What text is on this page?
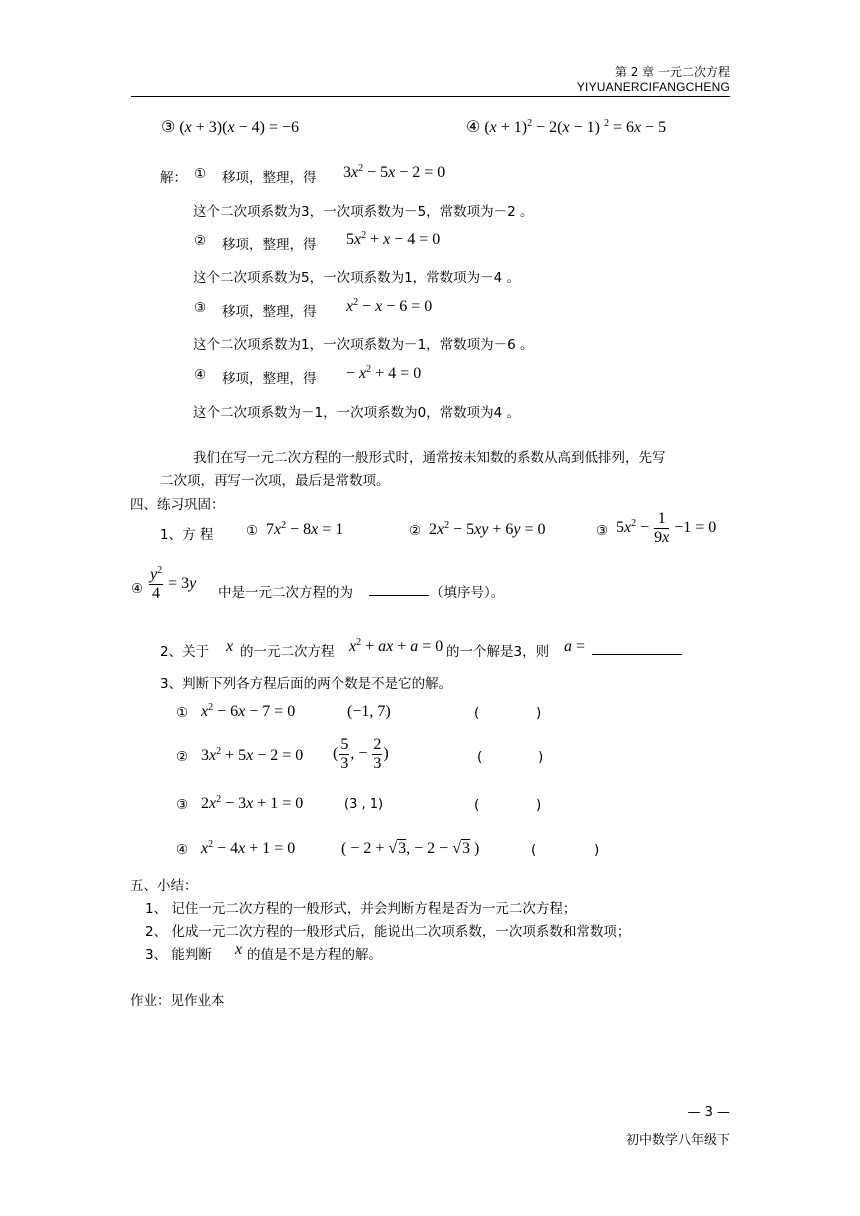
第 2 章 一元二次方程
YIYUANERCIFANGCHENG
③ (x + 3)(x − 4) = −6	④ $(x + 1)^2 - 2(x - 1)$ $^2$ = 6x − 5
解： ① 移项，整理，得 $3x^2 - 5x - 2 = 0$
这个二次项系数为3，一次项系数为－5，常数项为－2 。
② 移项，整理，得 $5x^2 + x - 4 = 0$
这个二次项系数为5，一次项系数为1，常数项为－4 。
③ 移项，整理，得 $x^2 - x - 6 = 0$
这个二次项系数为1，一次项系数为－1，常数项为－6 。
④ 移项，整理，得 − $x^2 + 4 = 0$
这个二次项系数为－1，一次项系数为0，常数项为4 。
我们在写一元二次方程的一般形式时，通常按未知数的系数从高到低排列，先写
二次项，再写一次项，最后是常数项。
四、练习巩固：
1、方 程 ① $7x^2 - 8x = 1$	② $2x^2 - 5xy + 6y = 0$	③ $5x^2 - \frac{1}{9x} -1 = 0$
④ $\frac{y^2}{4} = 3y$
中是一元二次方程的为	（填序号）。
2、关于 x 的一元二次方程 $x^2$ + ax + a = 0 的一个解是3，则 a =
3、判断下列各方程后面的两个数是不是它的解。
① $x^2 - 6x - 7 = 0$	(−1, 7)	(	)
② $3x^2 + 5x - 2 = 0$ ( $\frac{5}{3}$ , − $\frac{2}{3}$ )	(	)
③ $2x^2 - 3x + 1 = 0$	(3 , 1)	(	)
④ $x^2 - 4x + 1 = 0$	( − 2 + √3, − 2 − √3 )	(	)
五、小结：
1、 记住一元二次方程的一般形式，并会判断方程是否为一元二次方程；
2、 化成一元二次方程的一般形式后，能说出二次项系数，一次项系数和常数项；
3、 能判断 x 的值是不是方程的解。
作业：见作业本
— 3 —
初中数学八年级下
